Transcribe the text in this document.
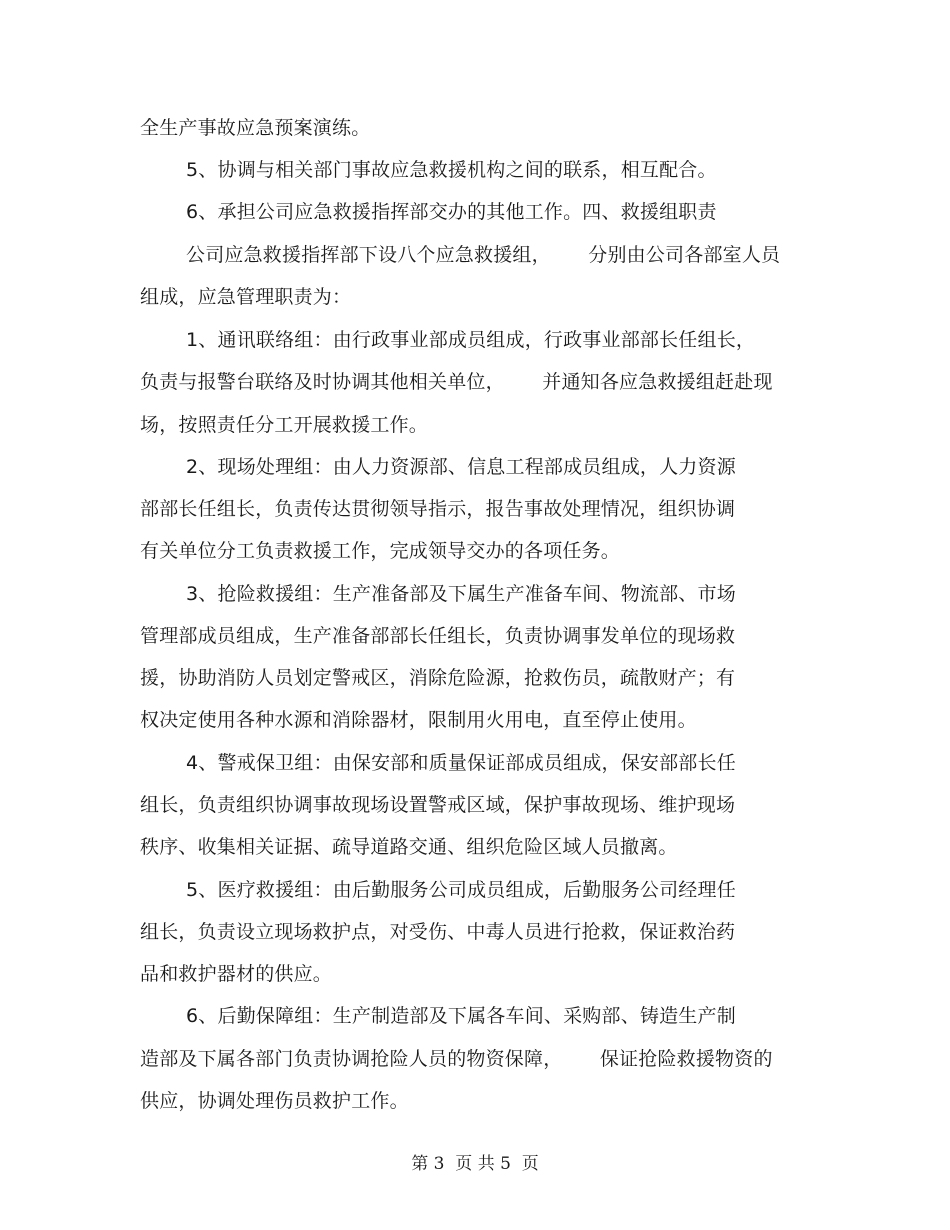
全生产事故应急预案演练。
5、协调与相关部门事故应急救援机构之间的联系，相互配合。
6、承担公司应急救援指挥部交办的其他工作。四、救援组职责
公司应急救援指挥部下设八个应急救援组，      分别由公司各部室人员
组成，应急管理职责为：
1、通讯联络组：由行政事业部成员组成，行政事业部部长任组长，
负责与报警台联络及时协调其他相关单位，      并通知各应急救援组赶赴现
场，按照责任分工开展救援工作。
2、现场处理组：由人力资源部、信息工程部成员组成，人力资源
部部长任组长，负责传达贯彻领导指示，报告事故处理情况，组织协调
有关单位分工负责救援工作，完成领导交办的各项任务。
3、抢险救援组：生产准备部及下属生产准备车间、物流部、市场
管理部成员组成，生产准备部部长任组长，负责协调事发单位的现场救
援，协助消防人员划定警戒区，消除危险源，抢救伤员，疏散财产；有
权决定使用各种水源和消除器材，限制用火用电，直至停止使用。
4、警戒保卫组：由保安部和质量保证部成员组成，保安部部长任
组长，负责组织协调事故现场设置警戒区域，保护事故现场、维护现场
秩序、收集相关证据、疏导道路交通、组织危险区域人员撤离。
5、医疗救援组：由后勤服务公司成员组成，后勤服务公司经理任
组长，负责设立现场救护点，对受伤、中毒人员进行抢救，保证救治药
品和救护器材的供应。
6、后勤保障组：生产制造部及下属各车间、采购部、铸造生产制
造部及下属各部门负责协调抢险人员的物资保障，      保证抢险救援物资的
供应，协调处理伤员救护工作。
第 3  页 共 5  页
